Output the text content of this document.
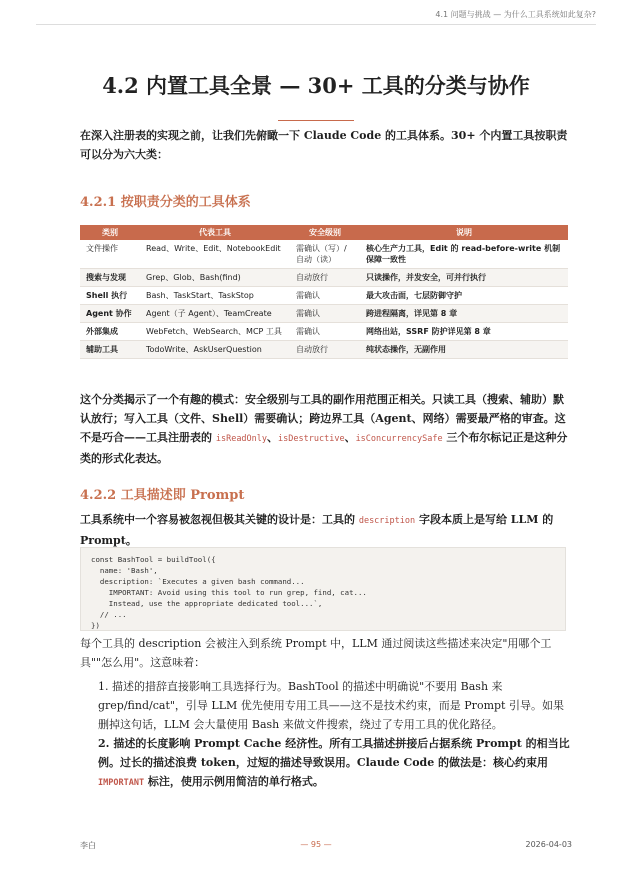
4.1 问题与挑战 — 为什么工具系统如此复杂?
4.2 内置工具全景 — 30+ 工具的分类与协作

在深入注册表的实现之前，让我们先俯瞰一下 Claude Code 的工具体系。30+ 个内置工具按职责可以分为六大类：

4.2.1 按职责分类的工具体系
类别	代表工具	安全级别	说明
文件操作	Read、Write、Edit、NotebookEdit	需确认（写）/ 自动（读）	核心生产力工具，Edit 的 read-before-write 机制保障一致性
搜索与发现	Grep、Glob、Bash(find)	自动放行	只读操作，并发安全，可并行执行
Shell 执行	Bash、TaskStart、TaskStop	需确认	最大攻击面，七层防御守护
Agent 协作	Agent（子 Agent）、TeamCreate	需确认	跨进程隔离，详见第 8 章
外部集成	WebFetch、WebSearch、MCP 工具	需确认	网络出站，SSRF 防护详见第 8 章
辅助工具	TodoWrite、AskUserQuestion	自动放行	纯状态操作，无副作用

这个分类揭示了一个有趣的模式：安全级别与工具的副作用范围正相关。只读工具（搜索、辅助）默认放行；写入工具（文件、Shell）需要确认；跨边界工具（Agent、网络）需要最严格的审查。这不是巧合——工具注册表的 isReadOnly、isDestructive、isConcurrencySafe 三个布尔标记正是这种分类的形式化表达。

4.2.2 工具描述即 Prompt

工具系统中一个容易被忽视但极其关键的设计是：工具的 description 字段本质上是写给 LLM 的 Prompt。

const BashTool = buildTool({
name: 'Bash',
description: `Executes a given bash command...
IMPORTANT: Avoid using this tool to run grep, find, cat...
Instead, use the appropriate dedicated tool...`,
// ...
})

每个工具的 description 会被注入到系统 Prompt 中，LLM 通过阅读这些描述来决定"用哪个工具""怎么用"。这意味着：

1. 描述的措辞直接影响工具选择行为。BashTool 的描述中明确说"不要用 Bash 来 grep/find/cat"，引导 LLM 优先使用专用工具——这不是技术约束，而是 Prompt 引导。如果删掉这句话，LLM 会大量使用 Bash 来做文件搜索，绕过了专用工具的优化路径。

2. 描述的长度影响 Prompt Cache 经济性。所有工具描述拼接后占据系统 Prompt 的相当比例。过长的描述浪费 token，过短的描述导致误用。Claude Code 的做法是：核心约束用 IMPORTANT 标注，使用示例用简洁的单行格式。

李白	— 95 —	2026-04-03
